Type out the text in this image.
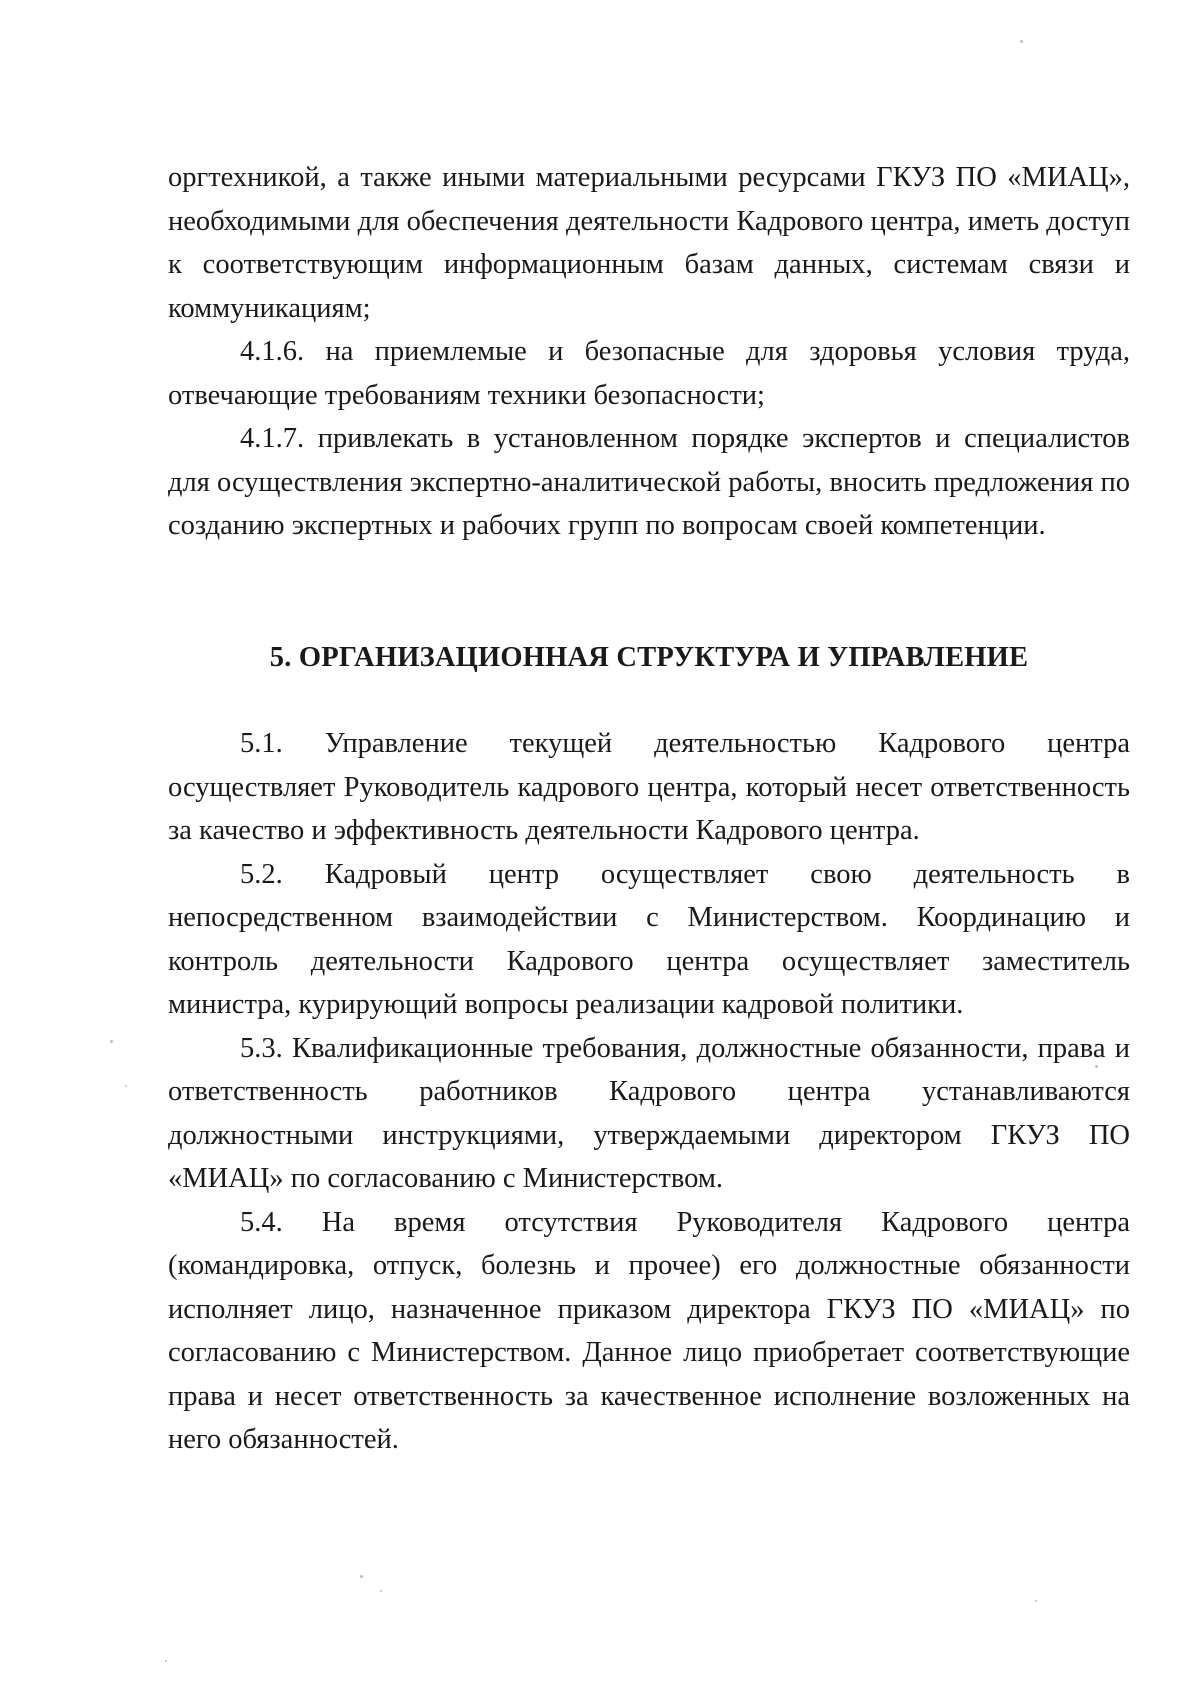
оргтехникой, а также иными материальными ресурсами ГКУЗ ПО «МИАЦ», необходимыми для обеспечения деятельности Кадрового центра, иметь доступ к соответствующим информационным базам данных, системам связи и коммуникациям;

4.1.6. на приемлемые и безопасные для здоровья условия труда, отвечающие требованиям техники безопасности;

4.1.7. привлекать в установленном порядке экспертов и специалистов для осуществления экспертно-аналитической работы, вносить предложения по созданию экспертных и рабочих групп по вопросам своей компетенции.

5. ОРГАНИЗАЦИОННАЯ СТРУКТУРА И УПРАВЛЕНИЕ

5.1. Управление текущей деятельностью Кадрового центра осуществляет Руководитель кадрового центра, который несет ответственность за качество и эффективность деятельности Кадрового центра.

5.2. Кадровый центр осуществляет свою деятельность в непосредственном взаимодействии с Министерством. Координацию и контроль деятельности Кадрового центра осуществляет заместитель министра, курирующий вопросы реализации кадровой политики.

5.3. Квалификационные требования, должностные обязанности, права и ответственность работников Кадрового центра устанавливаются должностными инструкциями, утверждаемыми директором ГКУЗ ПО «МИАЦ» по согласованию с Министерством.

5.4. На время отсутствия Руководителя Кадрового центра (командировка, отпуск, болезнь и прочее) его должностные обязанности исполняет лицо, назначенное приказом директора ГКУЗ ПО «МИАЦ» по согласованию с Министерством. Данное лицо приобретает соответствующие права и несет ответственность за качественное исполнение возложенных на него обязанностей.
